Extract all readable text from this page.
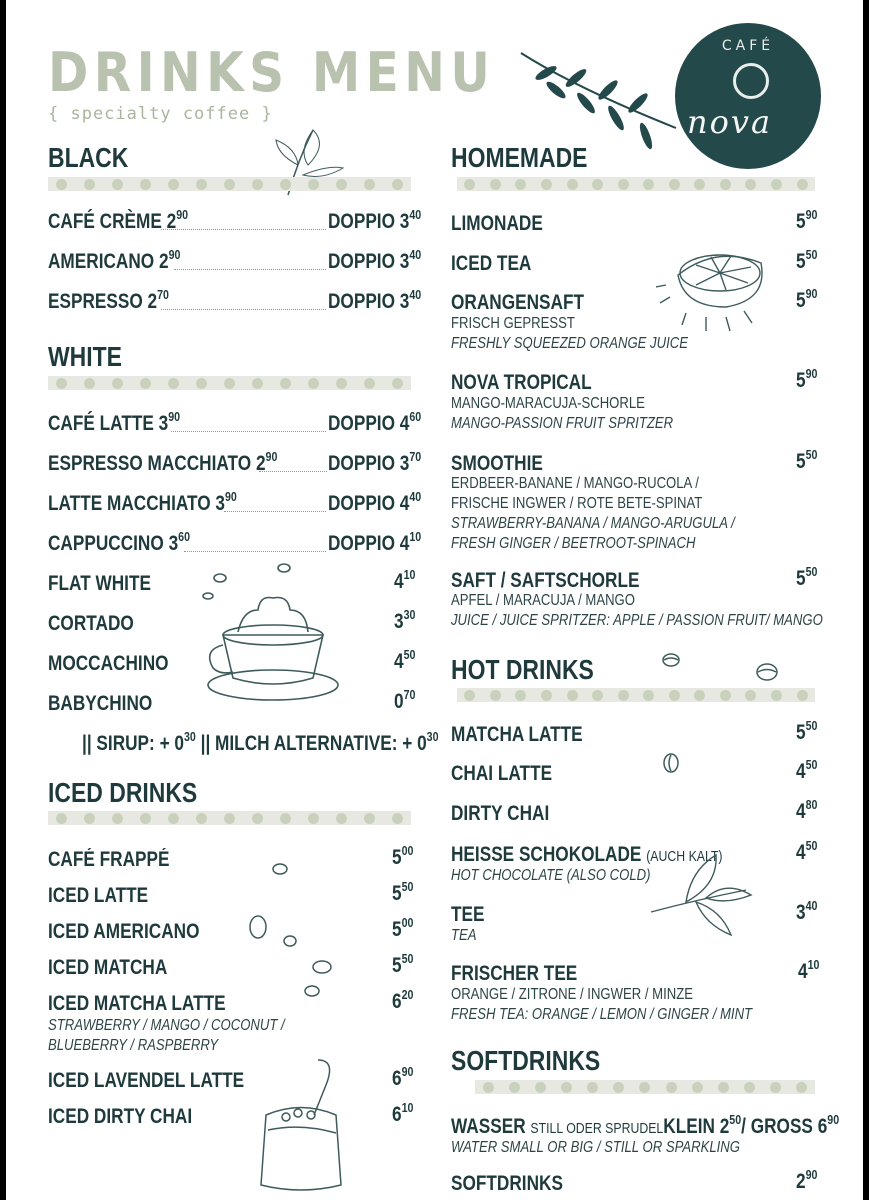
DRINKS MENU
{ specialty coffee }
CAFÉ
nova
BLACK
CAFÉ CRÈME $2^{90}$	DOPPIO $3^{40}$
AMERICANO $2^{90}$	DOPPIO $3^{40}$
ESPRESSO $2^{70}$	DOPPIO $3^{40}$
WHITE
CAFÉ LATTE $3^{90}$	DOPPIO $4^{60}$
ESPRESSO MACCHIATO $2^{90}$ DOPPIO $3^{70}$
LATTE MACCHIATO $3^{90}$	DOPPIO $4^{40}$
CAPPUCCINO $3^{60}$	DOPPIO $4^{10}$
FLAT WHITE	$4^{10}$
CORTADO	$3^{30}$
MOCCACHINO	$4^{50}$
BABYCHINO	$0^{70}$
|| SIRUP: + $0^{30}$ || MILCH ALTERNATIVE: + $0^{30}$
ICED DRINKS
CAFÉ FRAPPÉ	$5^{00}$
ICED LATTE	$5^{50}$
ICED AMERICANO	$5^{00}$
ICED MATCHA	$5^{50}$
ICED MATCHA LATTE	$6^{20}$
STRAWBERRY / MANGO / COCONUT /
BLUEBERRY / RASPBERRY
ICED LAVENDEL LATTE	$6^{90}$
ICED DIRTY CHAI	$6^{10}$
HOMEMADE
LIMONADE	$5^{90}$
ICED TEA	$5^{50}$
ORANGENSAFT	$5^{90}$
FRISCH GEPRESST
FRESHLY SQUEEZED ORANGE JUICE
NOVA TROPICAL	$5^{90}$
MANGO-MARACUJA-SCHORLE
MANGO-PASSION FRUIT SPRITZER
SMOOTHIE	$5^{50}$
ERDBEER-BANANE / MANGO-RUCOLA /
FRISCHE INGWER / ROTE BETE-SPINAT
STRAWBERRY-BANANA / MANGO-ARUGULA /
FRESH GINGER / BEETROOT-SPINACH
SAFT / SAFTSCHORLE	$5^{50}$
APFEL / MARACUJA / MANGO
JUICE / JUICE SPRITZER: APPLE / PASSION FRUIT/ MANGO
HOT DRINKS
MATCHA LATTE	$5^{50}$
CHAI LATTE	$4^{50}$
DIRTY CHAI	$4^{80}$
HEISSE SCHOKOLADE (AUCH KALT)	$4^{50}$
HOT CHOCOLATE (ALSO COLD)
TEE	$3^{40}$
TEA
FRISCHER TEE	$4^{10}$
ORANGE / ZITRONE / INGWER / MINZE
FRESH TEA: ORANGE / LEMON / GINGER / MINT
SOFTDRINKS
WASSER STILL ODER SPRUDELKLEIN $2^{50}/$ GROSS $6^{90}$
WATER SMALL OR BIG / STILL OR SPARKLING
SOFTDRINKS	$2^{90}$
